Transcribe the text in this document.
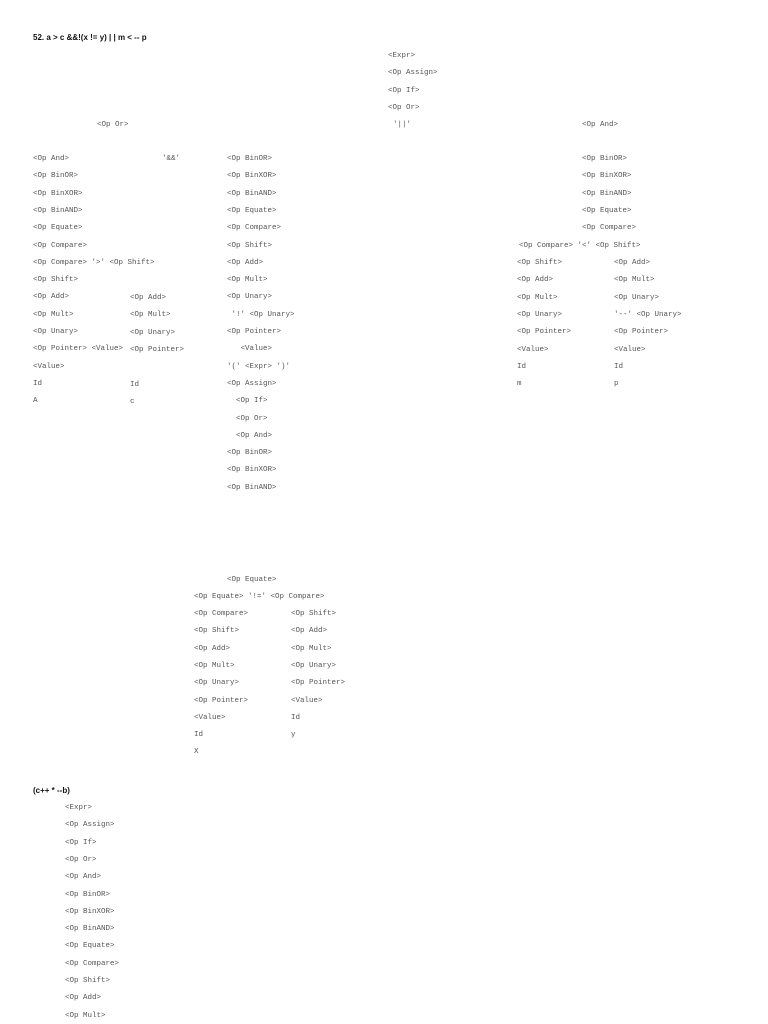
52. a > c &&!(x != y) | | m < -- p
<Expr>
<Op Assign>
<Op If>
<Op Or>
'||'
<Op Or>	<Op And>
<Op And>
<Op BinOR>
<Op BinXOR>
<Op BinAND>
<Op Equate>
<Op Compare>
<Op Compare> '>' <Op Shift>
<Op Shift>
<Op Add>
<Op Mult>
<Op Unary>
<Op Pointer> <Value>
<Value>
Id
A
'&&'
<Op Add>
<Op Mult>
<Op Unary>
<Op Pointer>
Id
c
<Op BinOR>
<Op BinXOR>
<Op BinAND>
<Op Equate>
<Op Compare>
<Op Shift>
<Op Add>
<Op Mult>
<Op Unary>
'!' <Op Unary>
<Op Pointer>
<Value>
'(' <Expr> ')'
<Op Assign>
<Op If>
<Op Or>
<Op And>
<Op BinOR>
<Op BinXOR>
<Op BinAND>
<Op BinOR>
<Op BinXOR>
<Op BinAND>
<Op Equate>
<Op Compare>
<Op Compare> '<' <Op Shift>
<Op Shift>
<Op Add>
<Op Mult>
<Op Unary>
<Op Pointer>
<Value>
Id
m
<Op Add>
<Op Mult>
<Op Unary>
'--' <Op Unary>
<Op Pointer>
<Value>
Id
p
<Op Equate>
<Op Equate> '!=' <Op Compare>
<Op Compare>
<Op Shift>
<Op Add>
<Op Mult>
<Op Unary>
<Op Pointer>
<Value>
Id
X
<Op Shift>
<Op Add>
<Op Mult>
<Op Unary>
<Op Pointer>
<Value>
Id
y
(c++ * --b)
<Expr>
<Op Assign>
<Op If>
<Op Or>
<Op And>
<Op BinOR>
<Op BinXOR>
<Op BinAND>
<Op Equate>
<Op Compare>
<Op Shift>
<Op Add>
<Op Mult>
